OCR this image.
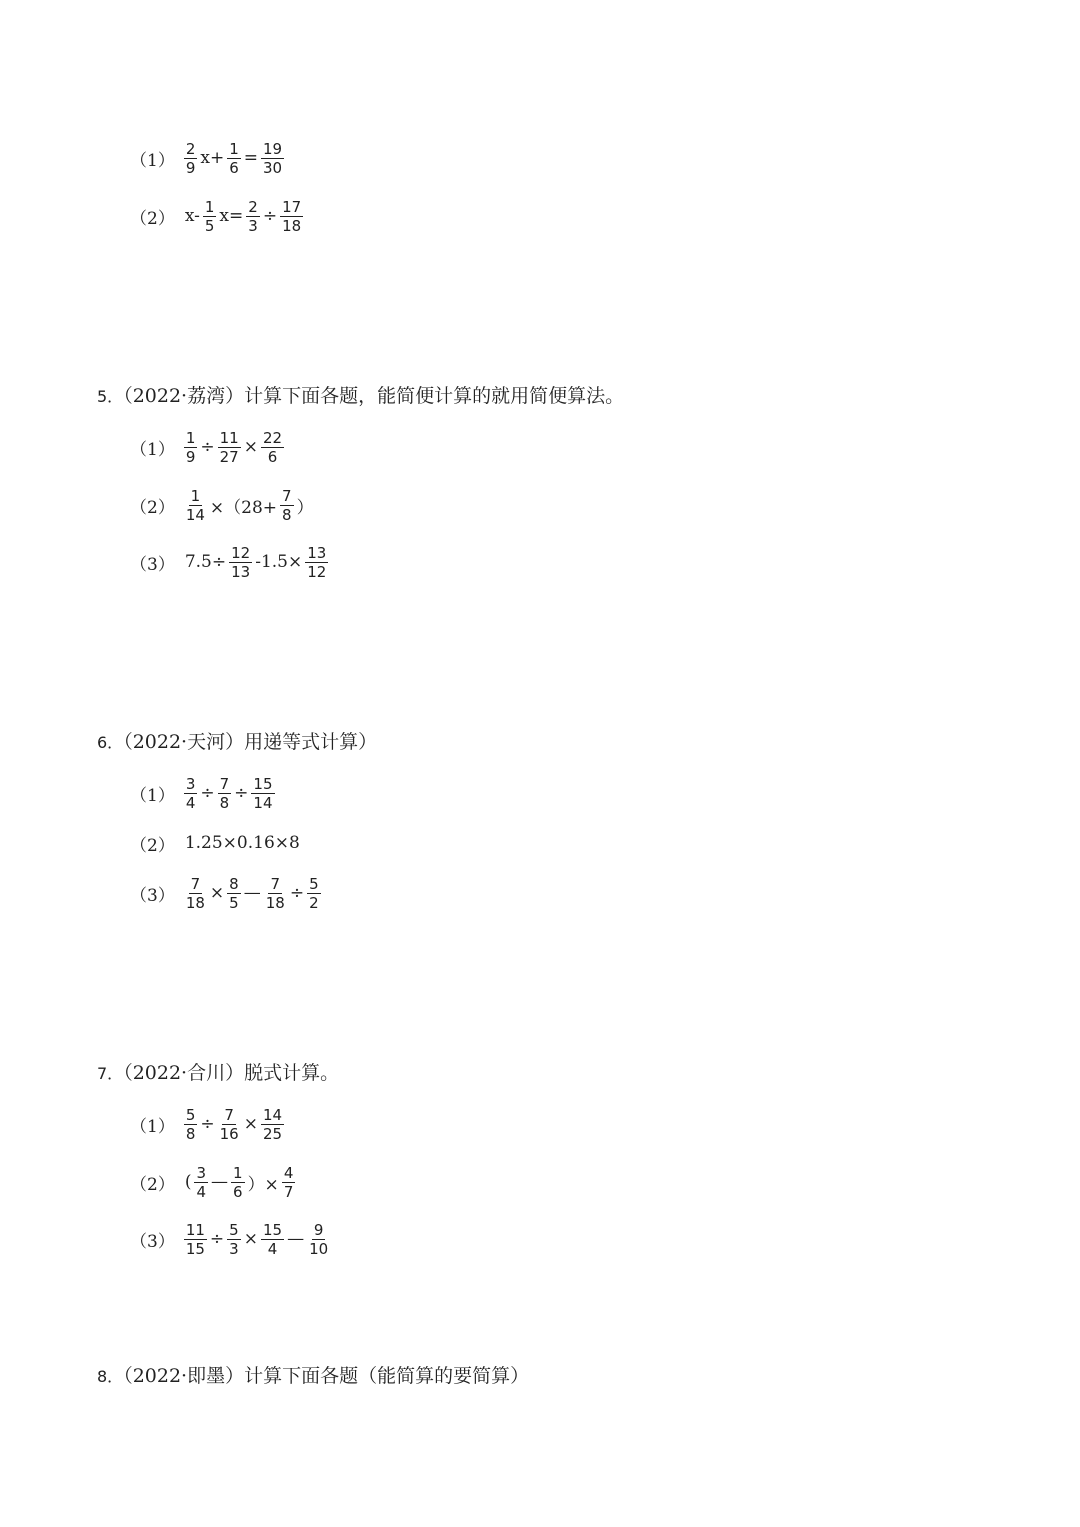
$(1) \frac{2}{9} x+ \frac{1}{6} = \frac{19}{30}$
（2） $x- \frac{1}{5} x= \frac{2}{3} \div \frac{17}{18}$
5．（2022·荔湾）计算下面各题，能简便计算的就用简便算法。
$(1) \frac{1}{9} \div \frac{11}{27} \times \frac{22}{6}$
$(2) \frac{1}{14} \times(28+ \frac{7}{8}$ ）
（3） $7.5\div \frac{12}{13} -1.5\times \frac{13}{12}$
6．（2022·天河）用递等式计算）
$(1) \frac{3}{4} \div \frac{7}{8} \div \frac{15}{14}$
（2） 1.25×0.16×8
$(3) \frac{7}{18} \times \frac{8}{5}$ — $\frac{7}{18} \div \frac{5}{2}$
7．（2022·合川）脱式计算。
$(1) \frac{5}{8} \div \frac{7}{16} \times \frac{14}{25}$
（2） ( $\frac{3}{4}$ — $\frac{1}{6}$ ）× $\frac{4}{7}$
$(3) \frac{11}{15} \div \frac{5}{3} \times \frac{15}{4}$ — $\frac{9}{10}$
8．（2022·即墨）计算下面各题（能简算的要简算）
